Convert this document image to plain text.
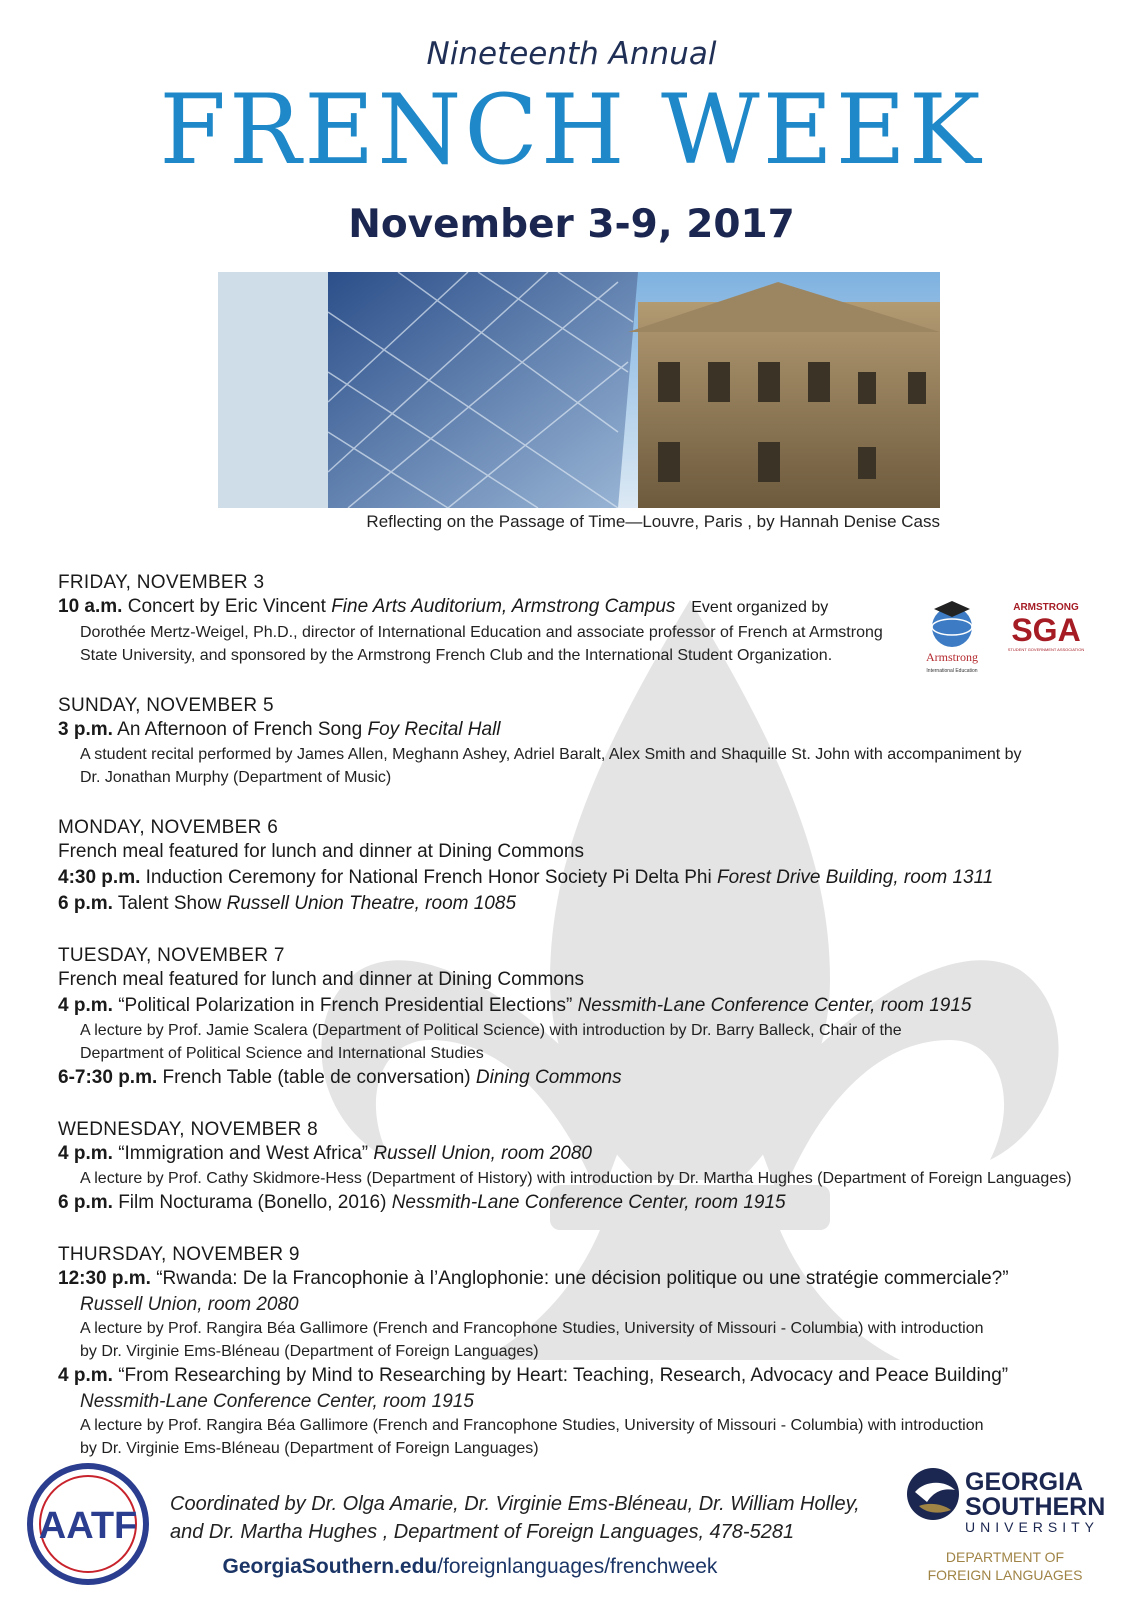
Nineteenth Annual
FRENCH WEEK
November 3-9, 2017
Reflecting on the Passage of Time—Louvre, Paris , by Hannah Denise Cass
FRIDAY, NOVEMBER 3
10 a.m. Concert by Eric Vincent Fine Arts Auditorium, Armstrong Campus Event organized by
Dorothée Mertz-Weigel, Ph.D., director of International Education and associate professor of French at Armstrong
State University, and sponsored by the Armstrong French Club and the International Student Organization.
SUNDAY, NOVEMBER 5
3 p.m. An Afternoon of French Song Foy Recital Hall
A student recital performed by James Allen, Meghann Ashey, Adriel Baralt, Alex Smith and Shaquille St. John with accompaniment by
Dr. Jonathan Murphy (Department of Music)
MONDAY, NOVEMBER 6
French meal featured for lunch and dinner at Dining Commons
4:30 p.m. Induction Ceremony for National French Honor Society Pi Delta Phi Forest Drive Building, room 1311
6 p.m. Talent Show Russell Union Theatre, room 1085
TUESDAY, NOVEMBER 7
French meal featured for lunch and dinner at Dining Commons
4 p.m. “Political Polarization in French Presidential Elections” Nessmith-Lane Conference Center, room 1915
A lecture by Prof. Jamie Scalera (Department of Political Science) with introduction by Dr. Barry Balleck, Chair of the
Department of Political Science and International Studies
6-7:30 p.m. French Table (table de conversation) Dining Commons
WEDNESDAY, NOVEMBER 8
4 p.m. “Immigration and West Africa” Russell Union, room 2080
A lecture by Prof. Cathy Skidmore-Hess (Department of History) with introduction by Dr. Martha Hughes (Department of Foreign Languages)
6 p.m. Film Nocturama (Bonello, 2016) Nessmith-Lane Conference Center, room 1915
THURSDAY, NOVEMBER 9
12:30 p.m. “Rwanda: De la Francophonie à l’Anglophonie: une décision politique ou une stratégie commerciale?”
Russell Union, room 2080
A lecture by Prof. Rangira Béa Gallimore (French and Francophone Studies, University of Missouri - Columbia) with introduction
by Dr. Virginie Ems-Bléneau (Department of Foreign Languages)
4 p.m. “From Researching by Mind to Researching by Heart: Teaching, Research, Advocacy and Peace Building”
Nessmith-Lane Conference Center, room 1915
A lecture by Prof. Rangira Béa Gallimore (French and Francophone Studies, University of Missouri - Columbia) with introduction
by Dr. Virginie Ems-Bléneau (Department of Foreign Languages)
Armstrong
International Education
ARMSTRONG
SGA
STUDENT GOVERNMENT ASSOCIATION
AATF
Coordinated by Dr. Olga Amarie, Dr. Virginie Ems-Bléneau, Dr. William Holley,
and Dr. Martha Hughes , Department of Foreign Languages, 478-5281
GeorgiaSouthern.edu/foreignlanguages/frenchweek
GEORGIA
SOUTHERN
UNIVERSITY
DEPARTMENT OF
FOREIGN LANGUAGES
